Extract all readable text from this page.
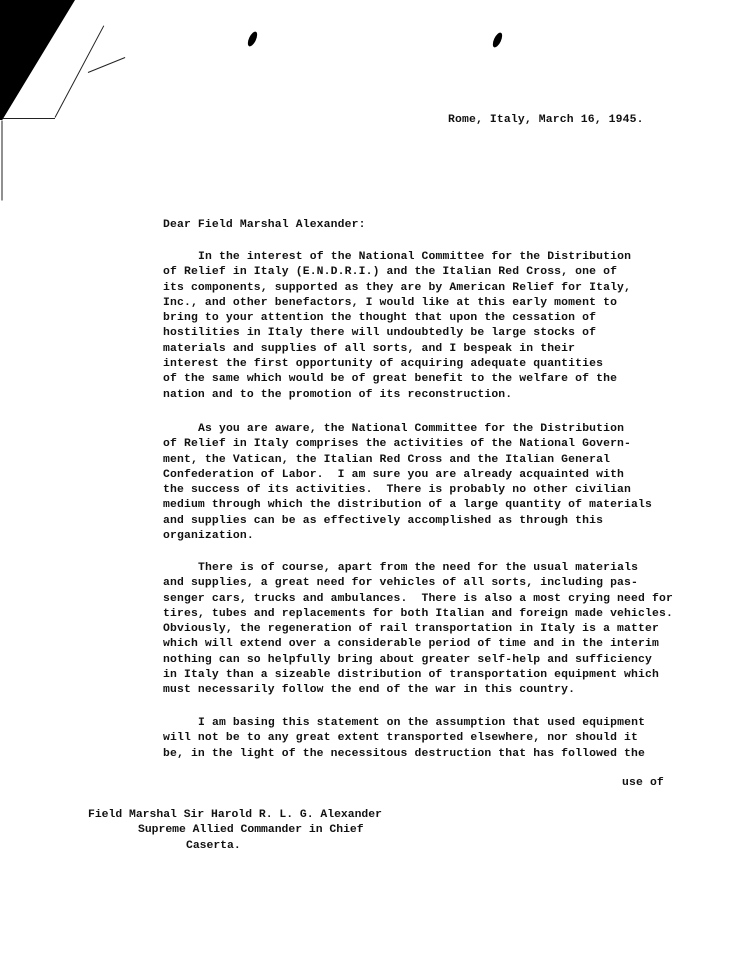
Rome, Italy, March 16, 1945.
Dear Field Marshal Alexander:
In the interest of the National Committee for the Distribution
of Relief in Italy (E.N.D.R.I.) and the Italian Red Cross, one of
its components, supported as they are by American Relief for Italy,
Inc., and other benefactors, I would like at this early moment to
bring to your attention the thought that upon the cessation of
hostilities in Italy there will undoubtedly be large stocks of
materials and supplies of all sorts, and I bespeak in their
interest the first opportunity of acquiring adequate quantities
of the same which would be of great benefit to the welfare of the
nation and to the promotion of its reconstruction.
As you are aware, the National Committee for the Distribution
of Relief in Italy comprises the activities of the National Govern-
ment, the Vatican, the Italian Red Cross and the Italian General
Confederation of Labor.  I am sure you are already acquainted with
the success of its activities.  There is probably no other civilian
medium through which the distribution of a large quantity of materials
and supplies can be as effectively accomplished as through this
organization.
There is of course, apart from the need for the usual materials
and supplies, a great need for vehicles of all sorts, including pas-
senger cars, trucks and ambulances.  There is also a most crying need for
tires, tubes and replacements for both Italian and foreign made vehicles.
Obviously, the regeneration of rail transportation in Italy is a matter
which will extend over a considerable period of time and in the interim
nothing can so helpfully bring about greater self-help and sufficiency
in Italy than a sizeable distribution of transportation equipment which
must necessarily follow the end of the war in this country.
I am basing this statement on the assumption that used equipment
will not be to any great extent transported elsewhere, nor should it
be, in the light of the necessitous destruction that has followed the
use of
Field Marshal Sir Harold R. L. G. Alexander
Supreme Allied Commander in Chief
Caserta.
